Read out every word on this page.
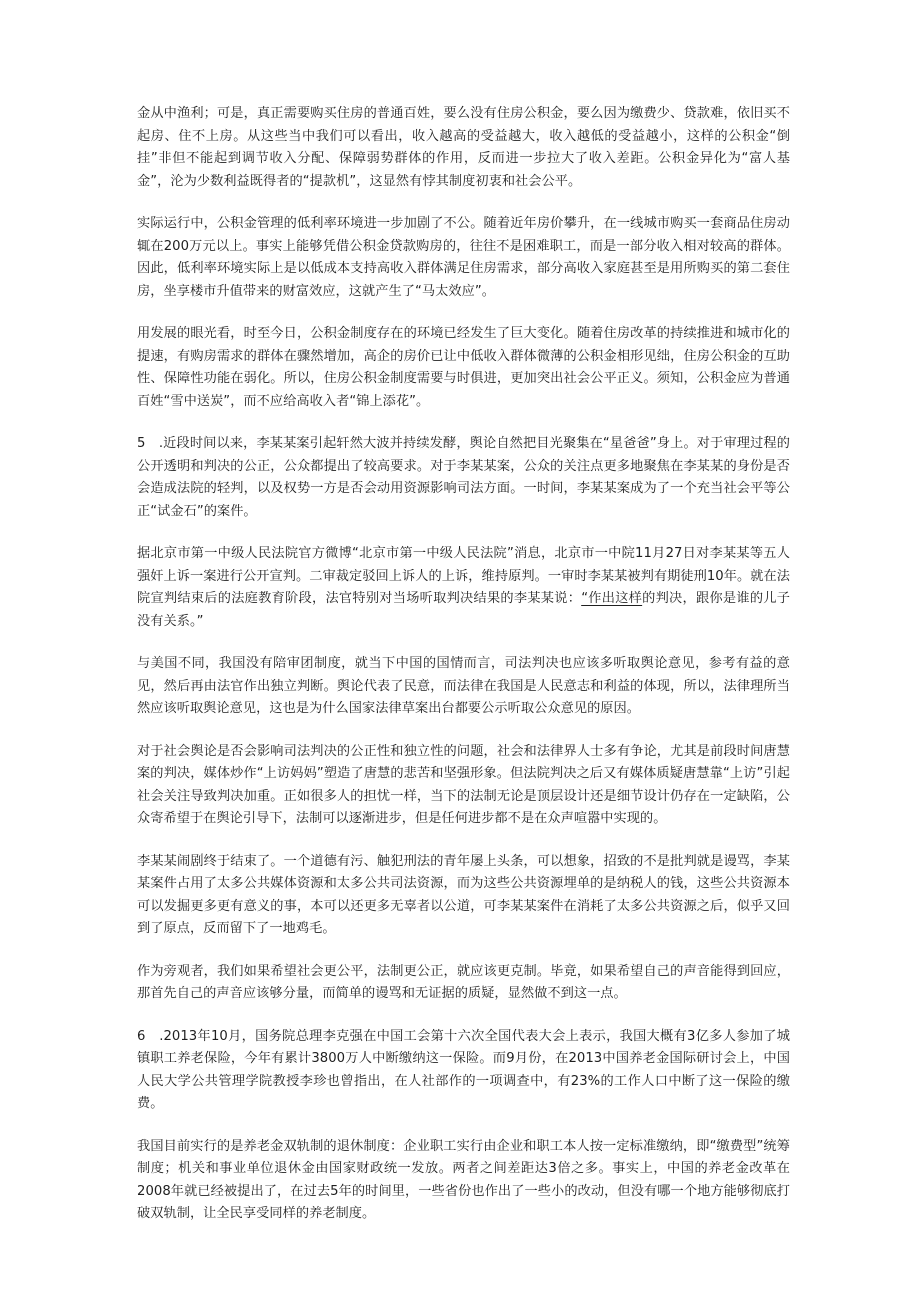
金从中渔利；可是，真正需要购买住房的普通百姓，要么没有住房公积金，要么因为缴费少、贷款难，依旧买不起房、住不上房。从这些当中我们可以看出，收入越高的受益越大，收入越低的受益越小，这样的公积金“倒挂”非但不能起到调节收入分配、保障弱势群体的作用，反而进一步拉大了收入差距。公积金异化为“富人基金”，沦为少数利益既得者的“提款机”，这显然有悖其制度初衷和社会公平。

实际运行中，公积金管理的低利率环境进一步加剧了不公。随着近年房价攀升，在一线城市购买一套商品住房动辄在200万元以上。事实上能够凭借公积金贷款购房的，往往不是困难职工，而是一部分收入相对较高的群体。因此，低利率环境实际上是以低成本支持高收入群体满足住房需求，部分高收入家庭甚至是用所购买的第二套住房，坐享楼市升值带来的财富效应，这就产生了“马太效应”。

用发展的眼光看，时至今日，公积金制度存在的环境已经发生了巨大变化。随着住房改革的持续推进和城市化的提速，有购房需求的群体在骤然增加，高企的房价已让中低收入群体微薄的公积金相形见绌，住房公积金的互助性、保障性功能在弱化。所以，住房公积金制度需要与时俱进，更加突出社会公平正义。须知，公积金应为普通百姓“雪中送炭”，而不应给高收入者“锦上添花”。

5　.近段时间以来，李某某案引起轩然大波并持续发酵，舆论自然把目光聚集在“星爸爸”身上。对于审理过程的公开透明和判决的公正，公众都提出了较高要求。对于李某某案，公众的关注点更多地聚焦在李某某的身份是否会造成法院的轻判，以及权势一方是否会动用资源影响司法方面。一时间，李某某案成为了一个充当社会平等公正“试金石”的案件。

据北京市第一中级人民法院官方微博“北京市第一中级人民法院”消息，北京市一中院11月27日对李某某等五人强奸上诉一案进行公开宣判。二审裁定驳回上诉人的上诉，维持原判。一审时李某某被判有期徒刑10年。就在法院宣判结束后的法庭教育阶段，法官特别对当场听取判决结果的李某某说：“作出这样的判决，跟你是谁的儿子没有关系。”

与美国不同，我国没有陪审团制度，就当下中国的国情而言，司法判决也应该多听取舆论意见，参考有益的意见，然后再由法官作出独立判断。舆论代表了民意，而法律在我国是人民意志和利益的体现，所以，法律理所当然应该听取舆论意见，这也是为什么国家法律草案出台都要公示听取公众意见的原因。

对于社会舆论是否会影响司法判决的公正性和独立性的问题，社会和法律界人士多有争论，尤其是前段时间唐慧案的判决，媒体炒作“上访妈妈”塑造了唐慧的悲苦和坚强形象。但法院判决之后又有媒体质疑唐慧靠“上访”引起社会关注导致判决加重。正如很多人的担忧一样，当下的法制无论是顶层设计还是细节设计仍存在一定缺陷，公众寄希望于在舆论引导下，法制可以逐渐进步，但是任何进步都不是在众声喧嚣中实现的。

李某某闹剧终于结束了。一个道德有污、触犯刑法的青年屡上头条，可以想象，招致的不是批判就是谩骂，李某某案件占用了太多公共媒体资源和太多公共司法资源，而为这些公共资源埋单的是纳税人的钱，这些公共资源本可以发掘更多更有意义的事，本可以还更多无辜者以公道，可李某某案件在消耗了太多公共资源之后，似乎又回到了原点，反而留下了一地鸡毛。

作为旁观者，我们如果希望社会更公平，法制更公正，就应该更克制。毕竟，如果希望自己的声音能得到回应，那首先自己的声音应该够分量，而简单的谩骂和无证据的质疑，显然做不到这一点。

6　.2013年10月，国务院总理李克强在中国工会第十六次全国代表大会上表示，我国大概有3亿多人参加了城镇职工养老保险，今年有累计3800万人中断缴纳这一保险。而9月份，在2013中国养老金国际研讨会上，中国人民大学公共管理学院教授李珍也曾指出，在人社部作的一项调查中，有23%的工作人口中断了这一保险的缴费。

我国目前实行的是养老金双轨制的退休制度：企业职工实行由企业和职工本人按一定标准缴纳，即“缴费型”统筹制度；机关和事业单位退休金由国家财政统一发放。两者之间差距达3倍之多。事实上，中国的养老金改革在2008年就已经被提出了，在过去5年的时间里，一些省份也作出了一些小的改动，但没有哪一个地方能够彻底打破双轨制，让全民享受同样的养老制度。
